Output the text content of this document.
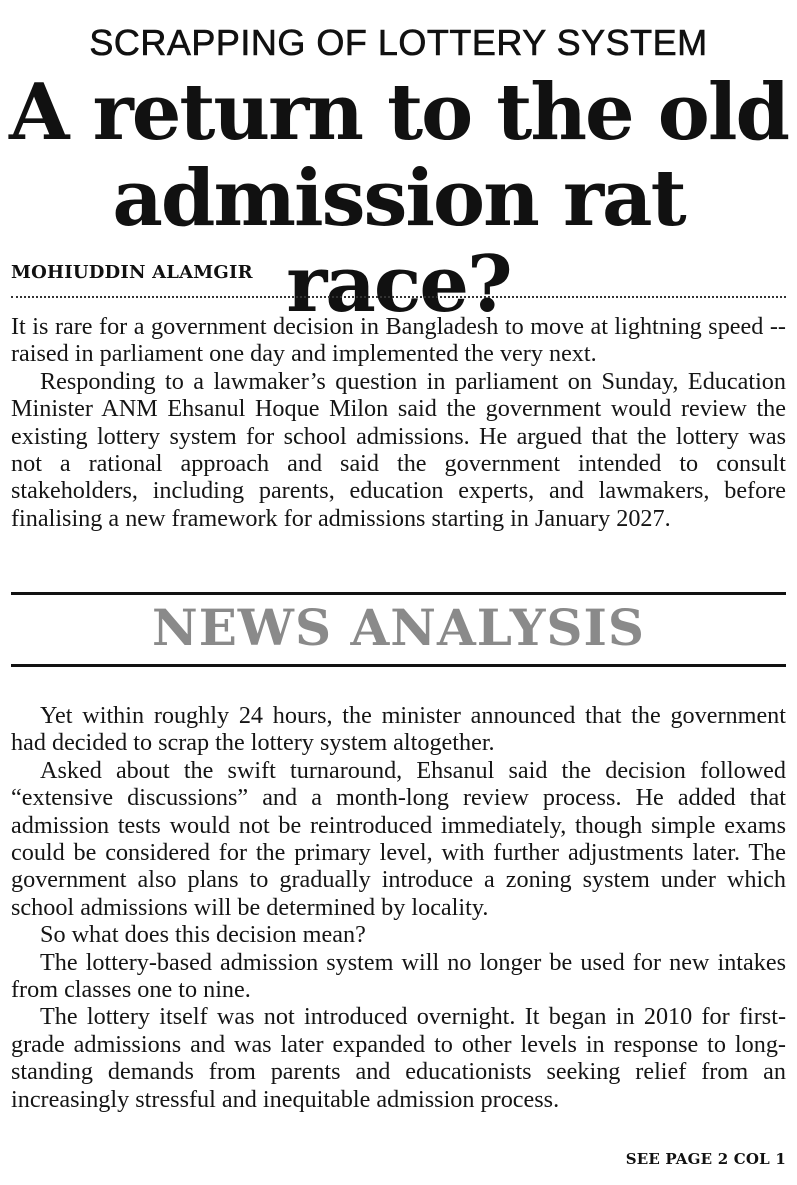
SCRAPPING OF LOTTERY SYSTEM
A return to the old
admission rat race?
MOHIUDDIN ALAMGIR

It is rare for a government decision in Bangladesh to move at lightning speed -- raised in parliament one day and implemented the very next.

Responding to a lawmaker’s question in parliament on Sunday, Education Minister ANM Ehsanul Hoque Milon said the government would review the existing lottery system for school admissions. He argued that the lottery was not a rational approach and said the government intended to consult stakeholders, including parents, education experts, and lawmakers, before finalising a new framework for admissions starting in January 2027.

NEWS ANALYSIS

Yet within roughly 24 hours, the minister announced that the government had decided to scrap the lottery system altogether.

Asked about the swift turnaround, Ehsanul said the decision followed “extensive discussions” and a month-long review process. He added that admission tests would not be reintroduced immediately, though simple exams could be considered for the primary level, with further adjustments later. The government also plans to gradually introduce a zoning system under which school admissions will be determined by locality.

So what does this decision mean?

The lottery-based admission system will no longer be used for new intakes from classes one to nine.

The lottery itself was not introduced overnight. It began in 2010 for first-grade admissions and was later expanded to other levels in response to long-standing demands from parents and educationists seeking relief from an increasingly stressful and inequitable admission process.

SEE PAGE 2 COL 1
